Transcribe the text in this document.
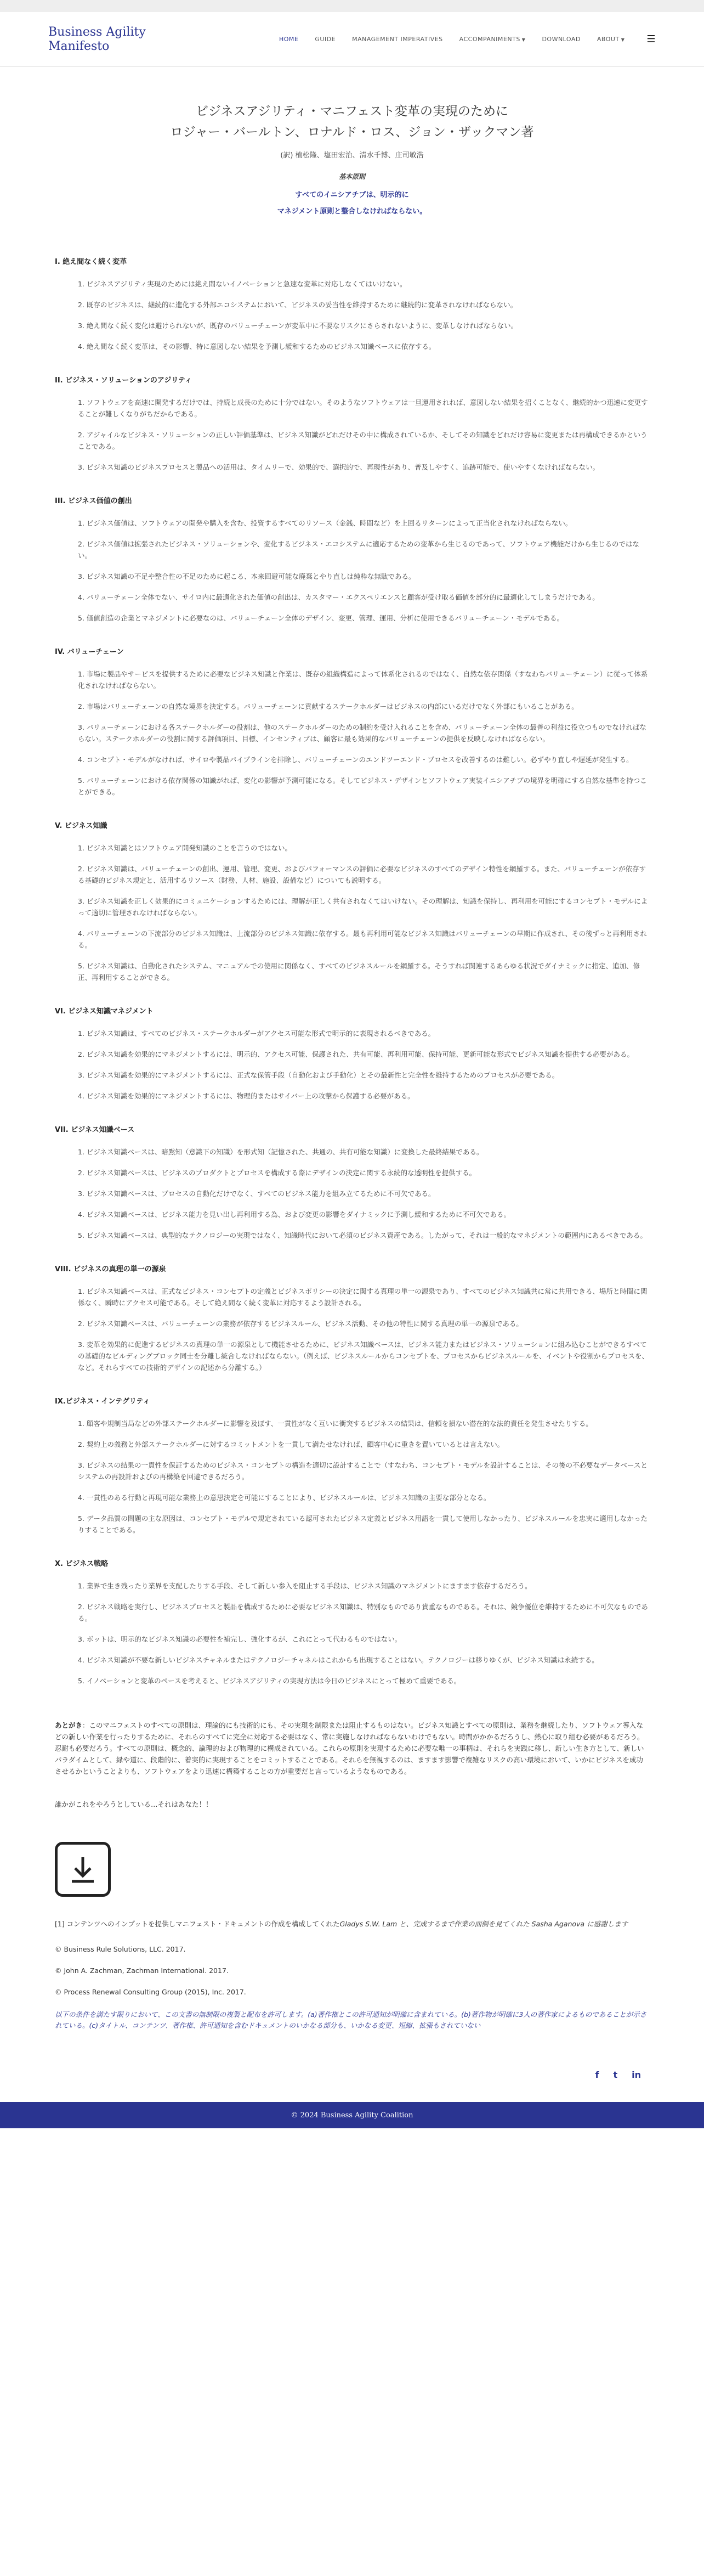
Business Agility Manifesto	HOME	GUIDE	MANAGEMENT IMPERATIVES	ACCOMPANIMENTS ▼	DOWNLOAD	ABOUT ▼ ☰
ビジネスアジリティ・マニフェスト変革の実現のために
ロジャー・バールトン、ロナルド・ロス、ジョン・ザックマン著
(訳) 植松隆、塩田宏治、清水千博、庄司敏浩
基本原則
すべてのイニシアチブは、明示的に
マネジメント原則と整合しなければならない。
I. 絶え間なく続く変革
1. ビジネスアジリティ実現のためには絶え間ないイノベーションと急速な変革に対応しなくてはいけない。
2. 既存のビジネスは、継続的に進化する外部エコシステムにおいて、ビジネスの妥当性を維持するために継続的に変革されなければならない。
3. 絶え間なく続く変化は避けられないが、既存のバリューチェーンが変革中に不要なリスクにさらされないように、変革しなければならない。
4. 絶え間なく続く変革は、その影響、特に意図しない結果を予測し緩和するためのビジネス知識ベースに依存する。
II. ビジネス・ソリューションのアジリティ
1. ソフトウェアを高速に開発するだけでは、持続と成長のために十分ではない。そのようなソフトウェアは一旦運用されれば、意図しない結果を招くことなく、継続的かつ迅速に変更することが難しくなりがちだからである。
2. アジャイルなビジネス・ソリューションの正しい評価基準は、ビジネス知識がどれだけその中に構成されているか、そしてその知識をどれだけ容易に変更または再構成できるかということである。
3. ビジネス知識のビジネスプロセスと製品への活用は、タイムリーで、効果的で、選択的で、再現性があり、普及しやすく、追跡可能で、使いやすくなければならない。
III. ビジネス価値の創出
1. ビジネス価値は、ソフトウェアの開発や購入を含む、投資するすべてのリソース（金銭、時間など）を上回るリターンによって正当化されなければならない。
2. ビジネス価値は拡張されたビジネス・ソリューションや、変化するビジネス・エコシステムに適応するための変革から生じるのであって、ソフトウェア機能だけから生じるのではない。
3. ビジネス知識の不足や整合性の不足のために起こる、本来回避可能な廃棄とやり直しは純粋な無駄である。
4. バリューチェーン全体でない、サイロ内に最適化された価値の創出は、カスタマー・エクスペリエンスと顧客が受け取る価値を部分的に最適化してしまうだけである。
5. 価値創造の企業とマネジメントに必要なのは、バリューチェーン全体のデザイン、変更、管理、運用、分析に使用できるバリューチェーン・モデルである。
IV. バリューチェーン
1. 市場に製品やサービスを提供するために必要なビジネス知識と作業は、既存の組織構造によって体系化されるのではなく、自然な依存関係（すなわちバリューチェーン）に従って体系化されなければならない。
2. 市場はバリューチェーンの自然な境界を決定する。バリューチェーンに貢献するステークホルダーはビジネスの内部にいるだけでなく外部にもいることがある。
3. バリューチェーンにおける各ステークホルダーの役割は、他のステークホルダーのための制約を受け入れることを含め、バリューチェーン全体の最善の利益に役立つものでなければならない。ステークホルダーの役割に関する評価項目、目標、インセンティブは、顧客に最も効果的なバリューチェーンの提供を反映しなければならない。
4. コンセプト・モデルがなければ、サイロや製品パイプラインを排除し、バリューチェーンのエンドツーエンド・プロセスを改善するのは難しい。必ずやり直しや遅延が発生する。
5. バリューチェーンにおける依存関係の知識がれば、変化の影響が予測可能になる。そしてビジネス・デザインとソフトウェア実装イニシアチブの境界を明確にする自然な基準を持つことができる。
V. ビジネス知識
1. ビジネス知識とはソフトウェア開発知識のことを言うのではない。
2. ビジネス知識は、バリューチェーンの創出、運用、管理、変更、およびパフォーマンスの評価に必要なビジネスのすべてのデザイン特性を網羅する。また、バリューチェーンが依存する基礎的ビジネス規定と、活用するリソース（財務、人材、施設、設備など）についても説明する。
3. ビジネス知識を正しく効果的にコミュニケーションするためには、理解が正しく共有されなくてはいけない。その理解は、知識を保持し、再利用を可能にするコンセプト・モデルによって適切に管理されなければならない。
4. バリューチェーンの下流部分のビジネス知識は、上流部分のビジネス知識に依存する。最も再利用可能なビジネス知識はバリューチェーンの早期に作成され、その後ずっと再利用される。
5. ビジネス知識は、自動化されたシステム、マニュアルでの使用に関係なく、すべてのビジネスルールを網羅する。そうすれば関連するあらゆる状況でダイナミックに指定、追加、修正、再利用することができる。
VI. ビジネス知識マネジメント
1. ビジネス知識は、すべてのビジネス・ステークホルダーがアクセス可能な形式で明示的に表現されるべきである。
2. ビジネス知識を効果的にマネジメントするには、明示的、アクセス可能、保護された、共有可能、再利用可能、保持可能、更新可能な形式でビジネス知識を提供する必要がある。
3. ビジネス知識を効果的にマネジメントするには、正式な保管手段（自動化および手動化）とその最新性と完全性を維持するためのプロセスが必要である。
4. ビジネス知識を効果的にマネジメントするには、物理的またはサイバー上の攻撃から保護する必要がある。
VII. ビジネス知識ベース
1. ビジネス知識ベースは、暗黙知（意識下の知識）を形式知（記憶された、共通の、共有可能な知識）に変換した最終結果である。
2. ビジネス知識ベースは、ビジネスのプロダクトとプロセスを構成する際にデザインの決定に関する永続的な透明性を提供する。
3. ビジネス知識ベースは、プロセスの自動化だけでなく、すべてのビジネス能力を組み立てるために不可欠である。
4. ビジネス知識ベースは、ビジネス能力を見い出し再利用する為、および変更の影響をダイナミックに予測し緩和するために不可欠である。
5. ビジネス知識ベースは、典型的なテクノロジーの実現ではなく、知識時代において必須のビジネス資産である。したがって、それは一般的なマネジメントの範囲内にあるべきである。
VIII. ビジネスの真理の単一の源泉
1. ビジネス知識ベースは、正式なビジネス・コンセプトの定義とビジネスポリシーの決定に関する真理の単一の源泉であり、すべてのビジネス知識共に常に共用できる、場所と時間に関係なく、瞬時にアクセス可能である。そして絶え間なく続く変革に対応するよう設計される。
2. ビジネス知識ベースは、バリューチェーンの業務が依存するビジネスルール、ビジネス活動、その他の特性に関する真理の単一の源泉である。
3. 変革を効果的に促進するビジネスの真理の単一の源泉として機能させるために、ビジネス知識ベースは、ビジネス能力またはビジネス・ソリューションに組み込むことができるすべての基礎的なビルディングブロック同士を分離し統合しなければならない。（例えば、ビジネスルールからコンセプトを、プロセスからビジネスルールを、イベントや役割からプロセスを、など。それらすべての技術的デザインの記述から分離する。）
IX.ビジネス・インテグリティ
1. 顧客や規制当局などの外部ステークホルダーに影響を及ぼす、一貫性がなく互いに衝突するビジネスの結果は、信頼を損ない潜在的な法的責任を発生させたりする。
2. 契約上の義務と外部ステークホルダーに対するコミットメントを一貫して満たせなければ、顧客中心に重きを置いているとは言えない。
3. ビジネスの結果の一貫性を保証するためのビジネス・コンセプトの構造を適切に設計することで（すなわち、コンセプト・モデルを設計することは、その後の不必要なデータベースとシステムの再設計およびの再構築を回避できるだろう。
4. 一貫性のある行動と再現可能な業務上の意思決定を可能にすることにより、ビジネスルールは、ビジネス知識の主要な部分となる。
5. データ品質の問題の主な原因は、コンセプト・モデルで規定されている認可されたビジネス定義とビジネス用語を一貫して使用しなかったり、ビジネスルールを忠実に適用しなかったりすることである。
X. ビジネス戦略
1. 業界で生き残ったり業界を支配したりする手段、そして新しい参入を阻止する手段は、ビジネス知識のマネジメントにますます依存するだろう。
2. ビジネス戦略を実行し、ビジネスプロセスと製品を構成するために必要なビジネス知識は、特別なものであり貴重なものである。それは、競争優位を維持するために不可欠なものである。
3. ボットは、明示的なビジネス知識の必要性を補完し、強化するが、これにとって代わるものではない。
4. ビジネス知識が不要な新しいビジネスチャネルまたはテクノロジーチャネルはこれからも出現することはない。テクノロジーは移りゆくが、ビジネス知識は永続する。
5. イノベーションと変革のペースを考えると、ビジネスアジリティの実現方法は今日のビジネスにとって極めて重要である。
あとがき：このマニフェストのすべての原則は、理論的にも技術的にも、その実現を制限または阻止するものはない。ビジネス知識とすべての原則は、業務を継続したり、ソフトウェア導入などの新しい作業を行ったりするために、それらのすべてに完全に対応する必要はなく、常に実施しなければならないわけでもない。時間がかかるだろうし、熱心に取り組む必要があるだろう。忍耐も必要だろう。すべての原則は、概念的、論理的および物理的に構成されている。これらの原則を実現するために必要な唯一の事柄は、それらを実践に移し、新しい生き方として、新しいパラダイムとして、縁や道に、段階的に、着実的に実現することをコミットすることである。それらを無視するのは、ますます影響で複雑なリスクの高い環境において、いかにビジネスを成功させるかということよりも、ソフトウェアをより迅速に構築することの方が重要だと言っているようなものである。
誰かがこれをやろうとしている…それはあなた！！
[1] コンテンツへのインプットを提供しマニフェスト・ドキュメントの作成を構成してくれたGladys S.W. Lam と、完成するまで作業の面倒を見てくれた Sasha Aganova に感謝します
© Business Rule Solutions, LLC. 2017.
© John A. Zachman, Zachman International. 2017.
© Process Renewal Consulting Group (2015), Inc. 2017.
以下の条件を満たす限りにおいて、この文書の無制限の複製と配布を許可します。(a)著作権とこの許可通知が明確に含まれている。(b)著作物が明確に3人の著作家によるものであることが示されている。(c)タイトル、コンテンツ、著作権、許可通知を含むドキュメントのいかなる部分も、いかなる変更、短縮、拡張もされていない
f t in
© 2024 Business Agility Coalition
